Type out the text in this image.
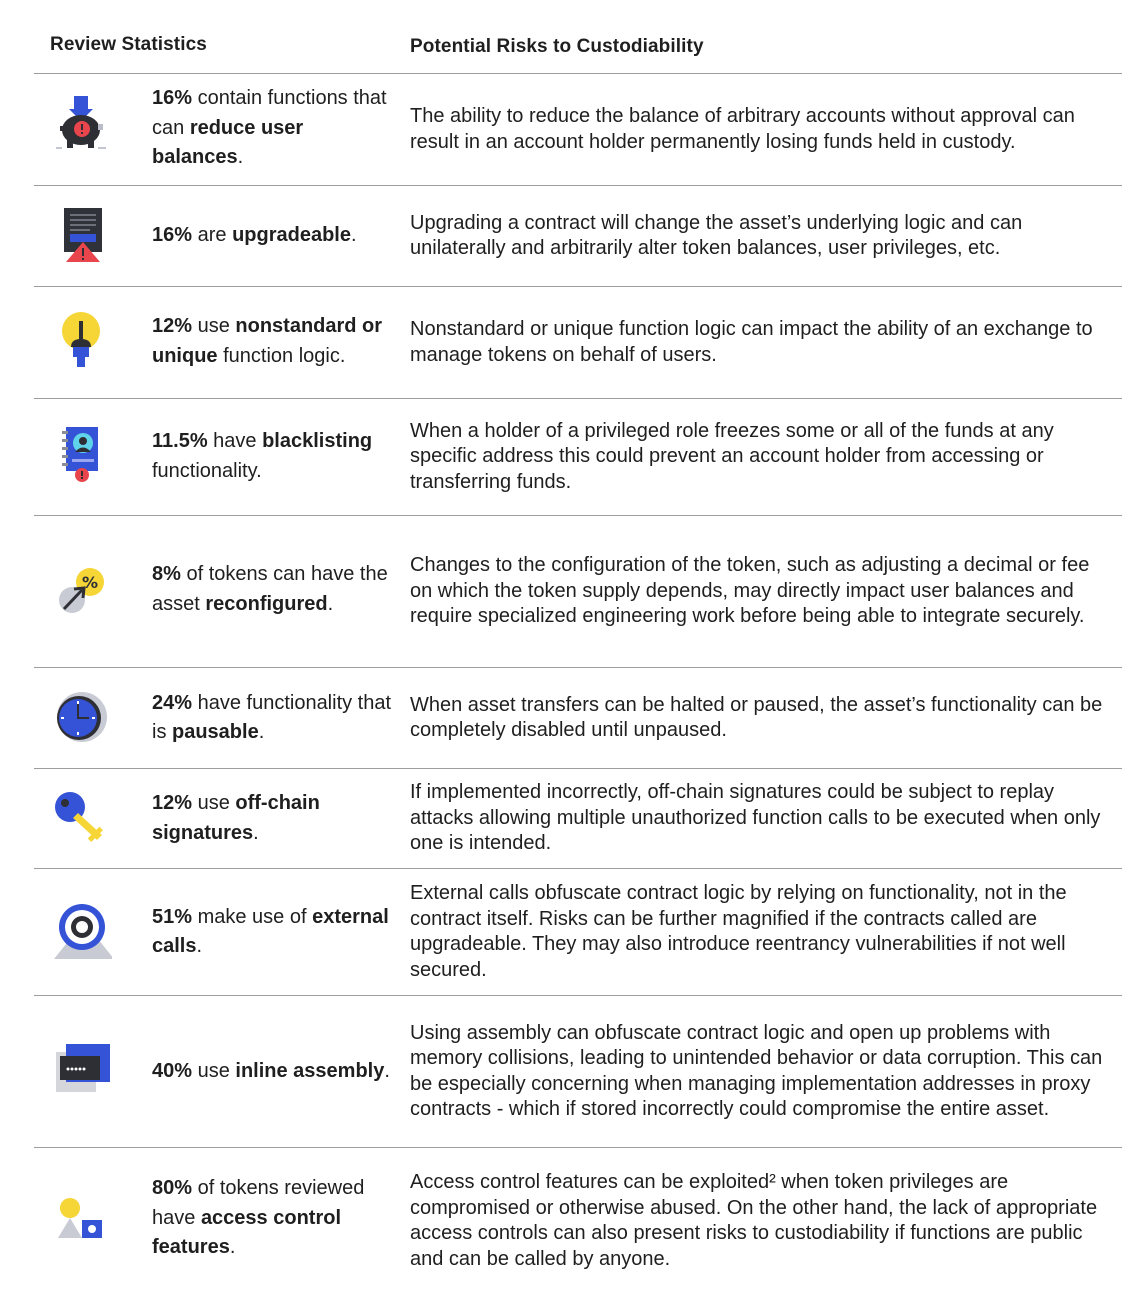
Review Statistics	Potential Risks to Custodiability
16% contain functions that can reduce user balances.
The ability to reduce the balance of arbitrary accounts without approval can result in an account holder permanently losing funds held in custody.
16% are upgradeable.
Upgrading a contract will change the asset’s underlying logic and can unilaterally and arbitrarily alter token balances, user privileges, etc.
12% use nonstandard or unique function logic.
Nonstandard or unique function logic can impact the ability of an exchange to manage tokens on behalf of users.
11.5% have blacklisting functionality.
When a holder of a privileged role freezes some or all of the funds at any specific address this could prevent an account holder from accessing or transferring funds.
%	8% of tokens can have the asset reconfigured.
Changes to the configuration of the token, such as adjusting a decimal or fee on which the token supply depends, may directly impact user balances and require specialized engineering work before being able to integrate securely.
24% have functionality that is pausable.
When asset transfers can be halted or paused, the asset’s functionality can be completely disabled until unpaused.
12% use off-chain signatures.
If implemented incorrectly, off-chain signatures could be subject to replay attacks allowing multiple unauthorized function calls to be executed when only one is intended.
51% make use of external calls.
External calls obfuscate contract logic by relying on functionality, not in the contract itself. Risks can be further magnified if the contracts called are upgradeable. They may also introduce reentrancy vulnerabilities if not well secured.
40% use inline assembly.
Using assembly can obfuscate contract logic and open up problems with memory collisions, leading to unintended behavior or data corruption. This can be especially concerning when managing implementation addresses in proxy contracts - which if stored incorrectly could compromise the entire asset.
80% of tokens reviewed have access control features.
Access control features can be exploited² when token privileges are compromised or otherwise abused. On the other hand, the lack of appropriate access controls can also present risks to custodiability if functions are public and can be called by anyone.
